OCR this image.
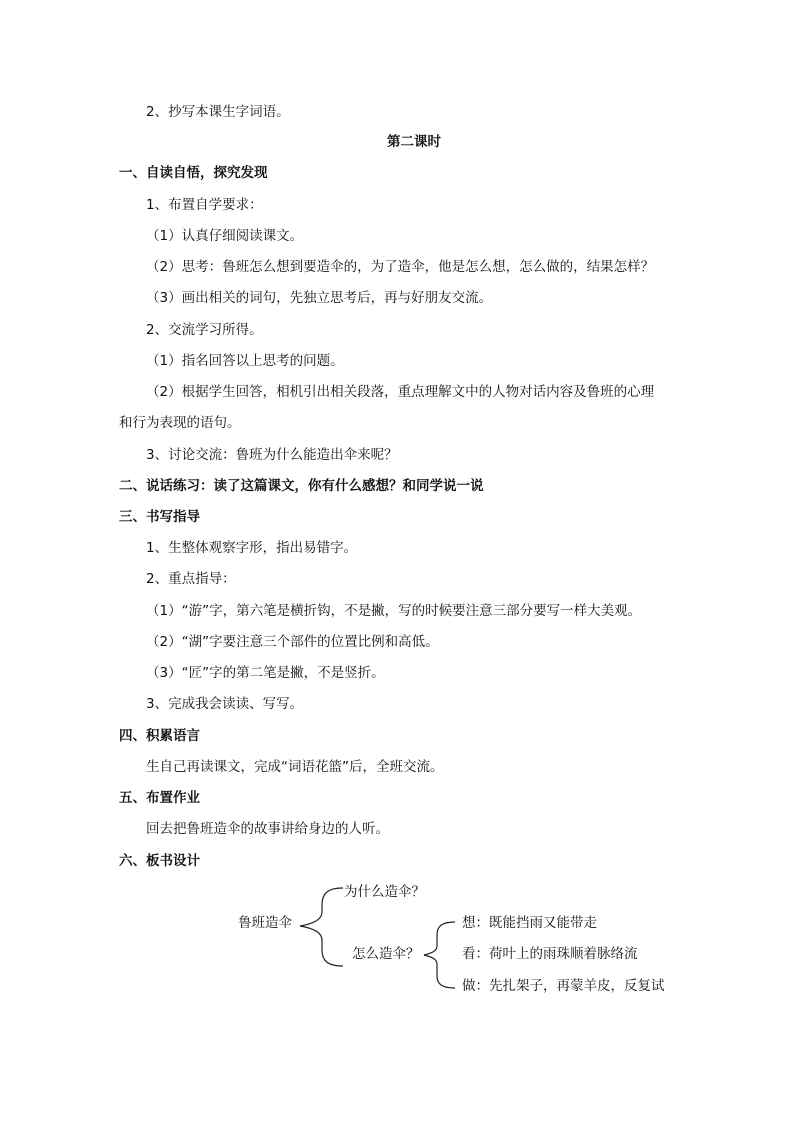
2、抄写本课生字词语。
第二课时
一、自读自悟，探究发现
1、布置自学要求：
（1）认真仔细阅读课文。
（2）思考：鲁班怎么想到要造伞的，为了造伞，他是怎么想，怎么做的，结果怎样？
（3）画出相关的词句，先独立思考后，再与好朋友交流。
2、交流学习所得。
（1）指名回答以上思考的问题。
（2）根据学生回答，相机引出相关段落，重点理解文中的人物对话内容及鲁班的心理
和行为表现的语句。
3、讨论交流：鲁班为什么能造出伞来呢？
二、说话练习：读了这篇课文，你有什么感想？和同学说一说
三、书写指导
1、生整体观察字形，指出易错字。
2、重点指导：
（1）“游”字，第六笔是横折钩，不是撇，写的时候要注意三部分要写一样大美观。
（2）“湖”字要注意三个部件的位置比例和高低。
（3）“匠”字的第二笔是撇，不是竖折。
3、完成我会读读、写写。
四、积累语言
生自己再读课文，完成“词语花篮”后，全班交流。
五、布置作业
回去把鲁班造伞的故事讲给身边的人听。
六、板书设计
鲁班造伞
为什么造伞？
怎么造伞？
想：既能挡雨又能带走
看：荷叶上的雨珠顺着脉络流
做：先扎架子，再蒙羊皮，反复试
